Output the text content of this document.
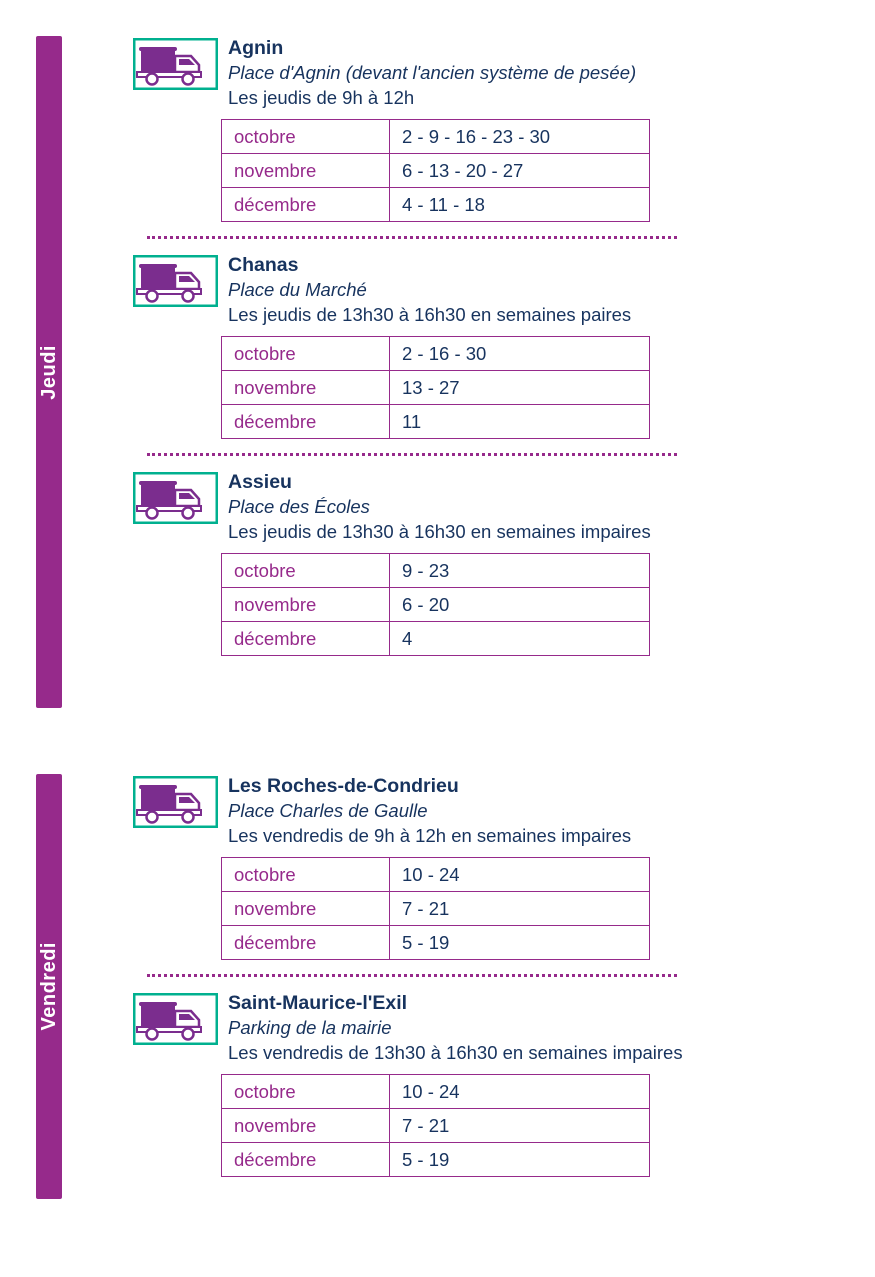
Jeudi

Agnin

Place d'Agnin (devant l'ancien système de pesée)

Les jeudis de 9h à 12h

octobre	2 - 9 - 16 - 23 - 30
novembre	6 - 13 - 20 - 27
décembre	4 - 11 - 18

Chanas

Place du Marché

Les jeudis de 13h30 à 16h30 en semaines paires

octobre	2 - 16 - 30
novembre	13 - 27
décembre	11

Assieu

Place des Écoles

Les jeudis de 13h30 à 16h30 en semaines impaires

octobre	9 - 23
novembre	6 - 20
décembre	4
Vendredi

Les Roches-de-Condrieu

Place Charles de Gaulle

Les vendredis de 9h à 12h en semaines impaires

octobre	10 - 24
novembre	7 - 21
décembre	5 - 19

Saint-Maurice-l'Exil

Parking de la mairie

Les vendredis de 13h30 à 16h30 en semaines impaires

octobre	10 - 24
novembre	7 - 21
décembre	5 - 19
